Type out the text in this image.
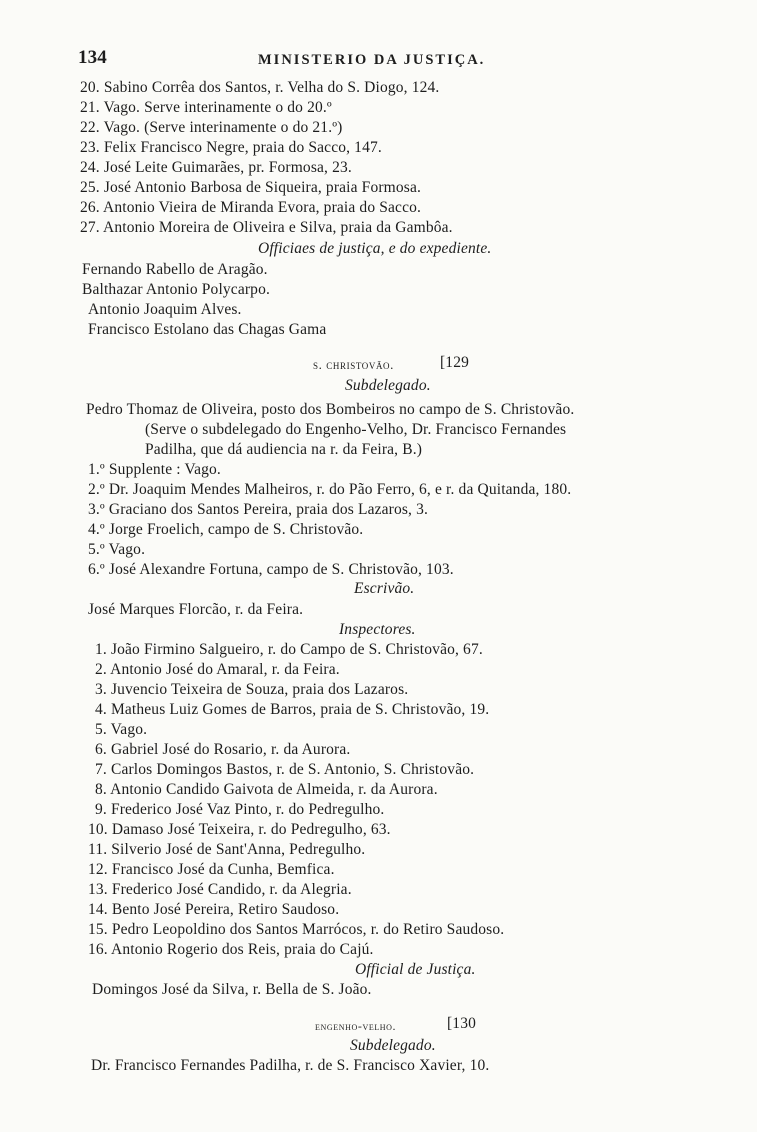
134	MINISTERIO DA JUSTIÇA.
20. Sabino Corrêa dos Santos, r. Velha do S. Diogo, 124.
21. Vago. Serve interinamente o do 20.º
22. Vago. (Serve interinamente o do 21.º)
23. Felix Francisco Negre, praia do Sacco, 147.
24. José Leite Guimarães, pr. Formosa, 23.
25. José Antonio Barbosa de Siqueira, praia Formosa.
26. Antonio Vieira de Miranda Evora, praia do Sacco.
27. Antonio Moreira de Oliveira e Silva, praia da Gambôa.
Officiaes de justiça, e do expediente.
Fernando Rabello de Aragão.
Balthazar Antonio Polycarpo.
Antonio Joaquim Alves.
Francisco Estolano das Chagas Gama
s. christovão.	[129
Subdelegado.
Pedro Thomaz de Oliveira, posto dos Bombeiros no campo de S. Christovão.
(Serve o subdelegado do Engenho-Velho, Dr. Francisco Fernandes
Padilha, que dá audiencia na r. da Feira, B.)
1.º Supplente : Vago.
2.º Dr. Joaquim Mendes Malheiros, r. do Pão Ferro, 6, e r. da Quitanda, 180.
3.º Graciano dos Santos Pereira, praia dos Lazaros, 3.
4.º Jorge Froelich, campo de S. Christovão.
5.º Vago.
6.º José Alexandre Fortuna, campo de S. Christovão, 103.
Escrivão.
José Marques Florcão, r. da Feira.
Inspectores.
1. João Firmino Salgueiro, r. do Campo de S. Christovão, 67.
2. Antonio José do Amaral, r. da Feira.
3. Juvencio Teixeira de Souza, praia dos Lazaros.
4. Matheus Luiz Gomes de Barros, praia de S. Christovão, 19.
5. Vago.
6. Gabriel José do Rosario, r. da Aurora.
7. Carlos Domingos Bastos, r. de S. Antonio, S. Christovão.
8. Antonio Candido Gaivota de Almeida, r. da Aurora.
9. Frederico José Vaz Pinto, r. do Pedregulho.
10. Damaso José Teixeira, r. do Pedregulho, 63.
11. Silverio José de Sant'Anna, Pedregulho.
12. Francisco José da Cunha, Bemfica.
13. Frederico José Candido, r. da Alegria.
14. Bento José Pereira, Retiro Saudoso.
15. Pedro Leopoldino dos Santos Marrócos, r. do Retiro Saudoso.
16. Antonio Rogerio dos Reis, praia do Cajú.
Official de Justiça.
Domingos José da Silva, r. Bella de S. João.
engenho-velho.	[130
Subdelegado.
Dr. Francisco Fernandes Padilha, r. de S. Francisco Xavier, 10.
